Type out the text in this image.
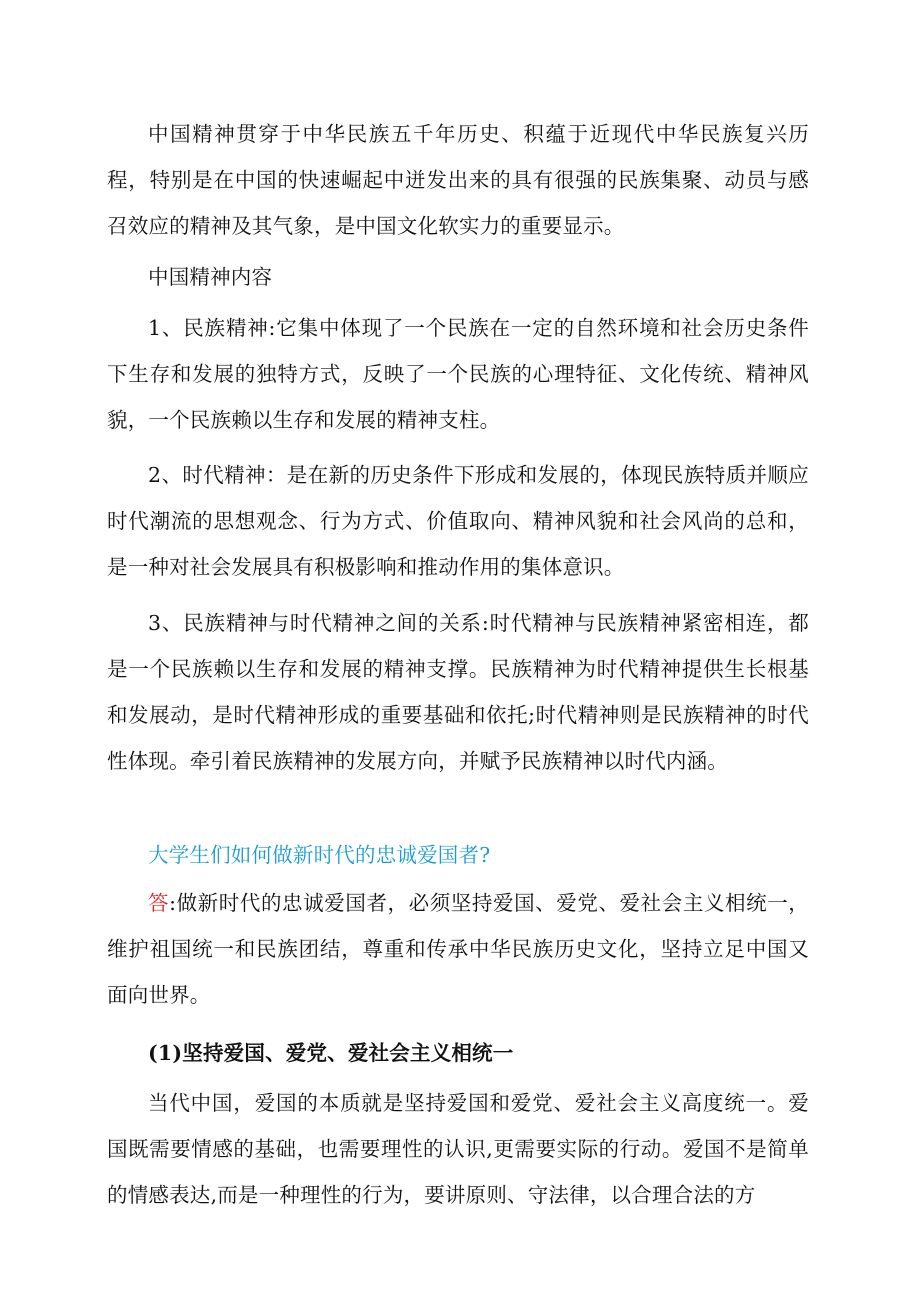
中国精神贯穿于中华民族五千年历史、积蕴于近现代中华民族复兴历程，特别是在中国的快速崛起中迸发出来的具有很强的民族集聚、动员与感召效应的精神及其气象，是中国文化软实力的重要显示。

中国精神内容

1、民族精神:它集中体现了一个民族在一定的自然环境和社会历史条件下生存和发展的独特方式，反映了一个民族的心理特征、文化传统、精神风貌，一个民族赖以生存和发展的精神支柱。

2、时代精神：是在新的历史条件下形成和发展的，体现民族特质并顺应时代潮流的思想观念、行为方式、价值取向、精神风貌和社会风尚的总和，是一种对社会发展具有积极影响和推动作用的集体意识。

3、民族精神与时代精神之间的关系:时代精神与民族精神紧密相连，都是一个民族赖以生存和发展的精神支撑。民族精神为时代精神提供生长根基和发展动，是时代精神形成的重要基础和依托;时代精神则是民族精神的时代性体现。牵引着民族精神的发展方向，并赋予民族精神以时代内涵。

大学生们如何做新时代的忠诚爱国者?

答:做新时代的忠诚爱国者，必须坚持爱国、爱党、爱社会主义相统一，维护祖国统一和民族团结，尊重和传承中华民族历史文化，坚持立足中国又面向世界。

(1)坚持爱国、爱党、爱社会主义相统一

当代中国，爱国的本质就是坚持爱国和爱党、爱社会主义高度统一。爱国既需要情感的基础，也需要理性的认识,更需要实际的行动。爱国不是简单的情感表达,而是一种理性的行为，要讲原则、守法律，以合理合法的方
